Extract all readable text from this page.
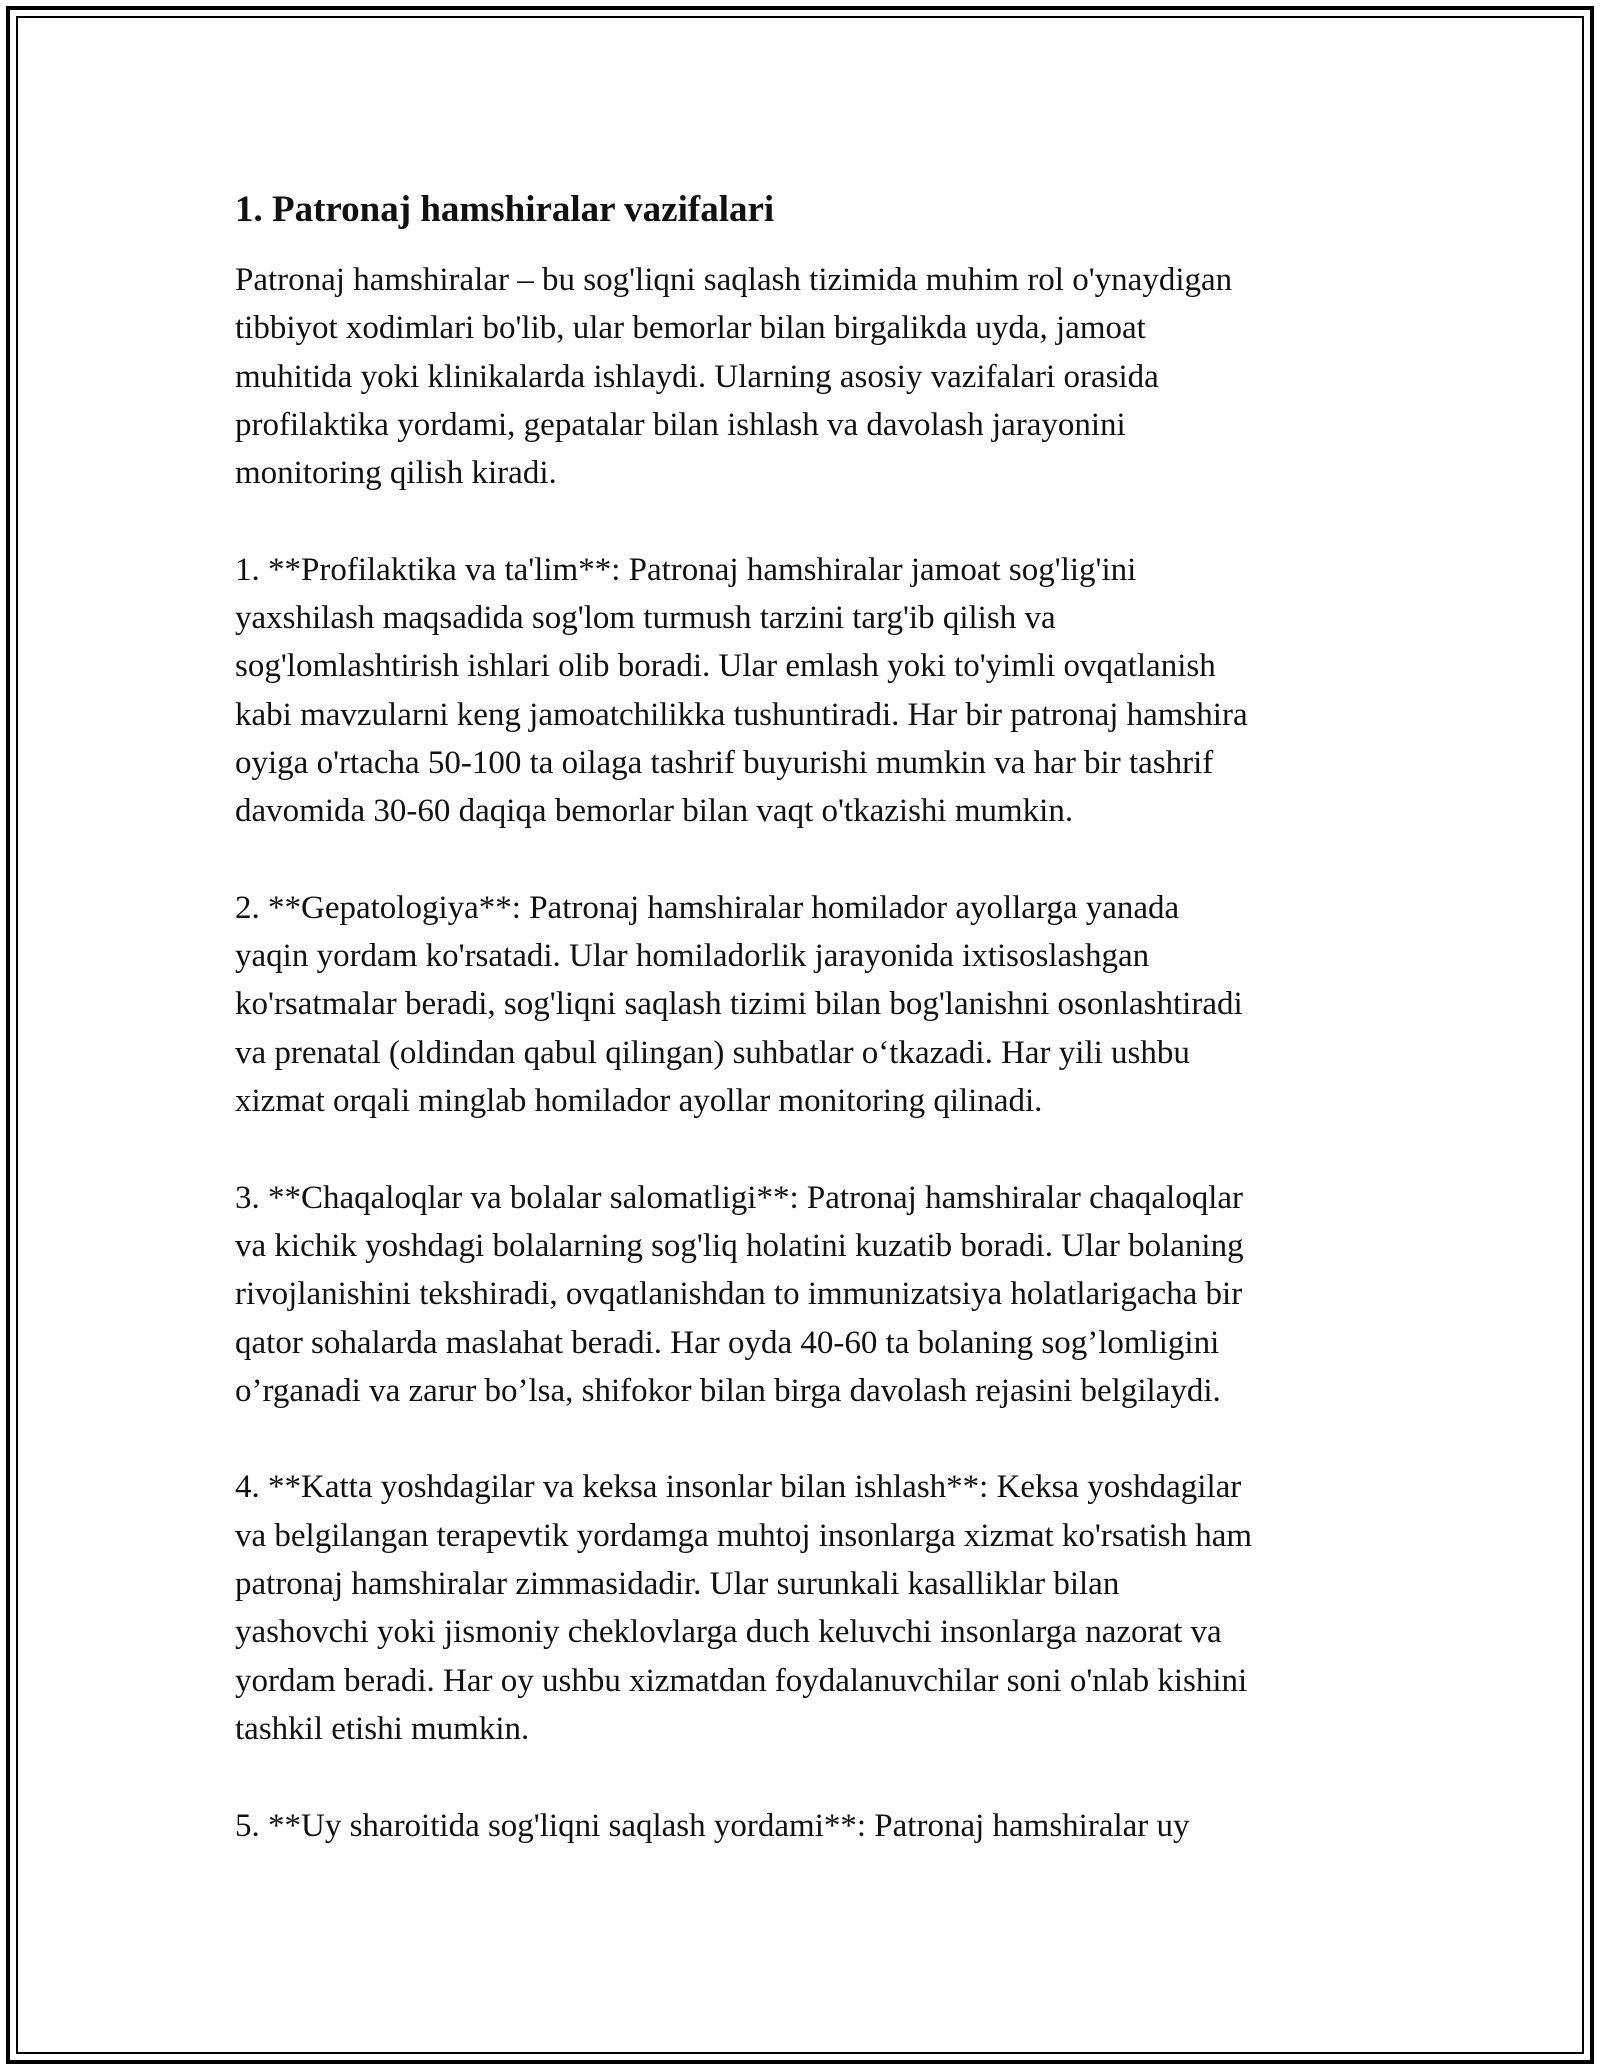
1. Patronaj hamshiralar vazifalari
Patronaj hamshiralar – bu sog'liqni saqlash tizimida muhim rol o'ynaydigan
tibbiyot xodimlari bo'lib, ular bemorlar bilan birgalikda uyda, jamoat
muhitida yoki klinikalarda ishlaydi. Ularning asosiy vazifalari orasida
profilaktika yordami, gepatalar bilan ishlash va davolash jarayonini
monitoring qilish kiradi.
1. **Profilaktika va ta'lim**: Patronaj hamshiralar jamoat sog'lig'ini
yaxshilash maqsadida sog'lom turmush tarzini targ'ib qilish va
sog'lomlashtirish ishlari olib boradi. Ular emlash yoki to'yimli ovqatlanish
kabi mavzularni keng jamoatchilikka tushuntiradi. Har bir patronaj hamshira
oyiga o'rtacha 50-100 ta oilaga tashrif buyurishi mumkin va har bir tashrif
davomida 30-60 daqiqa bemorlar bilan vaqt o'tkazishi mumkin.
2. **Gepatologiya**: Patronaj hamshiralar homilador ayollarga yanada
yaqin yordam ko'rsatadi. Ular homiladorlik jarayonida ixtisoslashgan
ko'rsatmalar beradi, sog'liqni saqlash tizimi bilan bog'lanishni osonlashtiradi
va prenatal (oldindan qabul qilingan) suhbatlar o‘tkazadi. Har yili ushbu
xizmat orqali minglab homilador ayollar monitoring qilinadi.
3. **Chaqaloqlar va bolalar salomatligi**: Patronaj hamshiralar chaqaloqlar
va kichik yoshdagi bolalarning sog'liq holatini kuzatib boradi. Ular bolaning
rivojlanishini tekshiradi, ovqatlanishdan to immunizatsiya holatlarigacha bir
qator sohalarda maslahat beradi. Har oyda 40-60 ta bolaning sog’lomligini
o’rganadi va zarur bo’lsa, shifokor bilan birga davolash rejasini belgilaydi.
4. **Katta yoshdagilar va keksa insonlar bilan ishlash**: Keksa yoshdagilar
va belgilangan terapevtik yordamga muhtoj insonlarga xizmat ko'rsatish ham
patronaj hamshiralar zimmasidadir. Ular surunkali kasalliklar bilan
yashovchi yoki jismoniy cheklovlarga duch keluvchi insonlarga nazorat va
yordam beradi. Har oy ushbu xizmatdan foydalanuvchilar soni o'nlab kishini
tashkil etishi mumkin.
5. **Uy sharoitida sog'liqni saqlash yordami**: Patronaj hamshiralar uy
